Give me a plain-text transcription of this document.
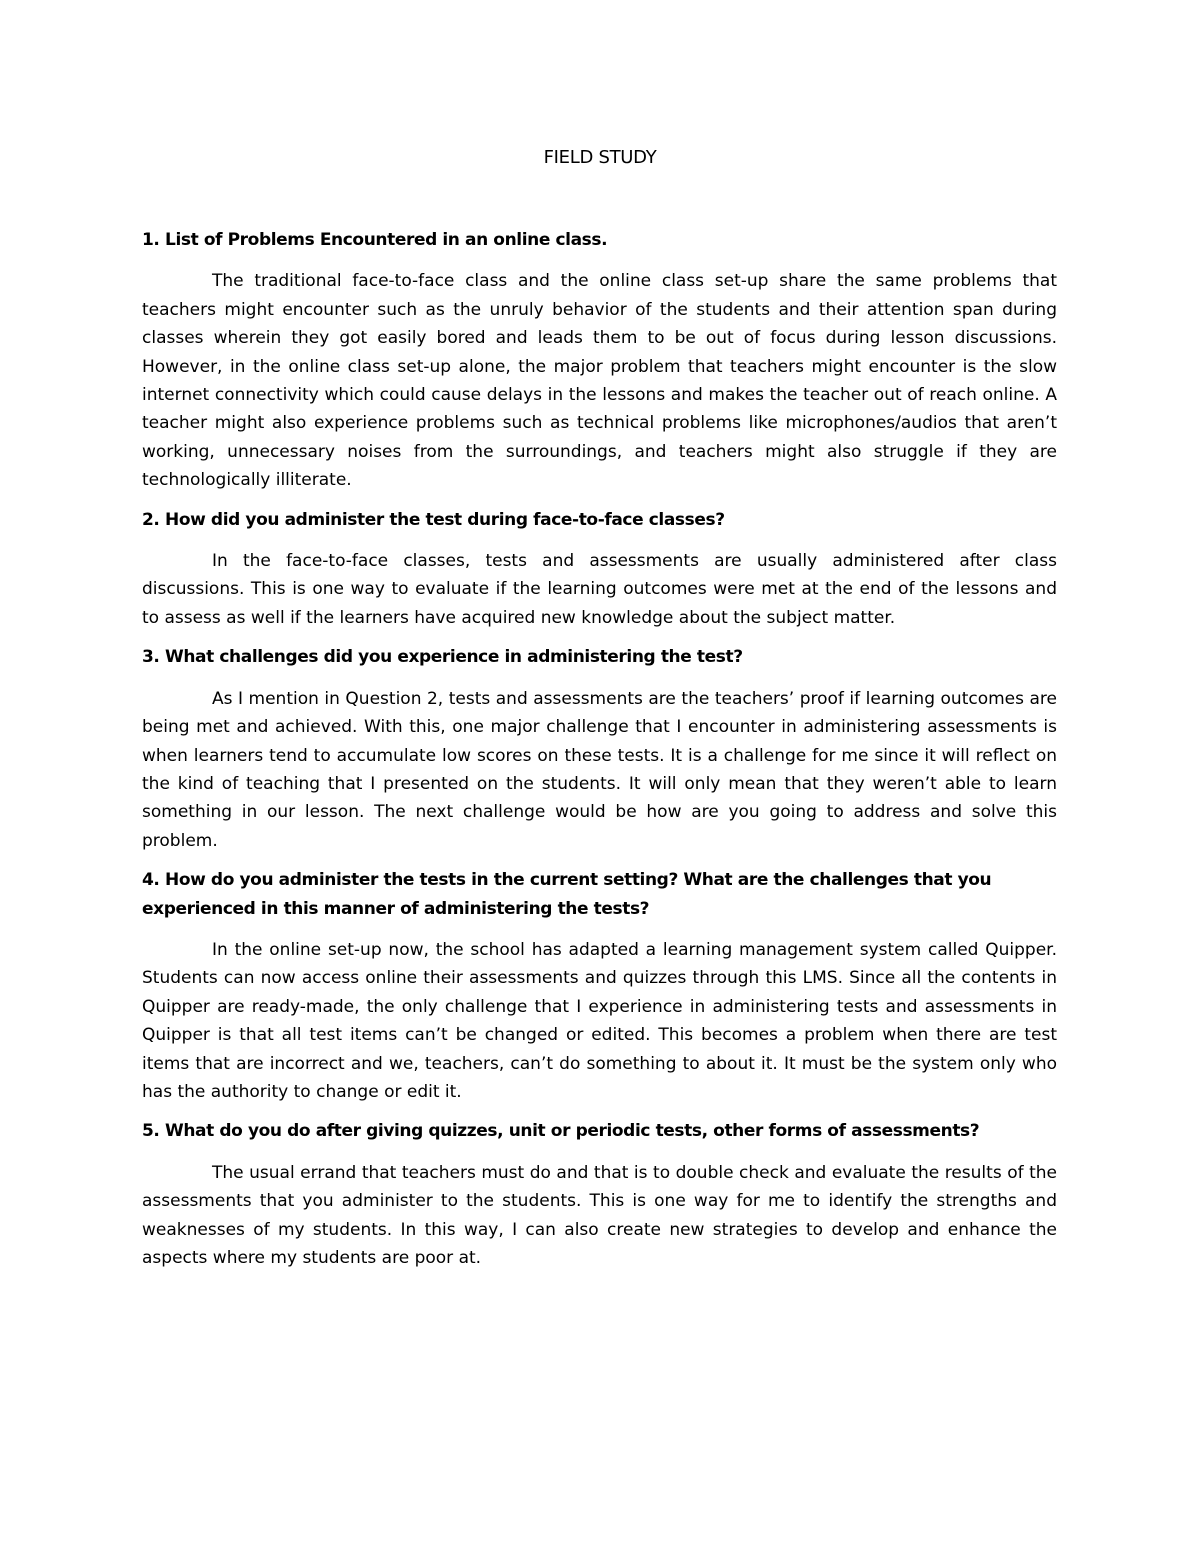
FIELD STUDY

1. List of Problems Encountered in an online class.

The traditional face-to-face class and the online class set-up share the same problems that teachers might encounter such as the unruly behavior of the students and their attention span during classes wherein they got easily bored and leads them to be out of focus during lesson discussions. However, in the online class set-up alone, the major problem that teachers might encounter is the slow internet connectivity which could cause delays in the lessons and makes the teacher out of reach online. A teacher might also experience problems such as technical problems like microphones/audios that aren’t working, unnecessary noises from the surroundings, and teachers might also struggle if they are technologically illiterate.

2. How did you administer the test during face-to-face classes?

In the face-to-face classes, tests and assessments are usually administered after class discussions. This is one way to evaluate if the learning outcomes were met at the end of the lessons and to assess as well if the learners have acquired new knowledge about the subject matter.

3. What challenges did you experience in administering the test?

As I mention in Question 2, tests and assessments are the teachers’ proof if learning outcomes are being met and achieved. With this, one major challenge that I encounter in administering assessments is when learners tend to accumulate low scores on these tests. It is a challenge for me since it will reflect on the kind of teaching that I presented on the students. It will only mean that they weren’t able to learn something in our lesson. The next challenge would be how are you going to address and solve this problem.

4. How do you administer the tests in the current setting? What are the challenges that you experienced in this manner of administering the tests?

In the online set-up now, the school has adapted a learning management system called Quipper. Students can now access online their assessments and quizzes through this LMS. Since all the contents in Quipper are ready-made, the only challenge that I experience in administering tests and assessments in Quipper is that all test items can’t be changed or edited. This becomes a problem when there are test items that are incorrect and we, teachers, can’t do something to about it. It must be the system only who has the authority to change or edit it.

5. What do you do after giving quizzes, unit or periodic tests, other forms of assessments?

The usual errand that teachers must do and that is to double check and evaluate the results of the assessments that you administer to the students. This is one way for me to identify the strengths and weaknesses of my students. In this way, I can also create new strategies to develop and enhance the aspects where my students are poor at.
